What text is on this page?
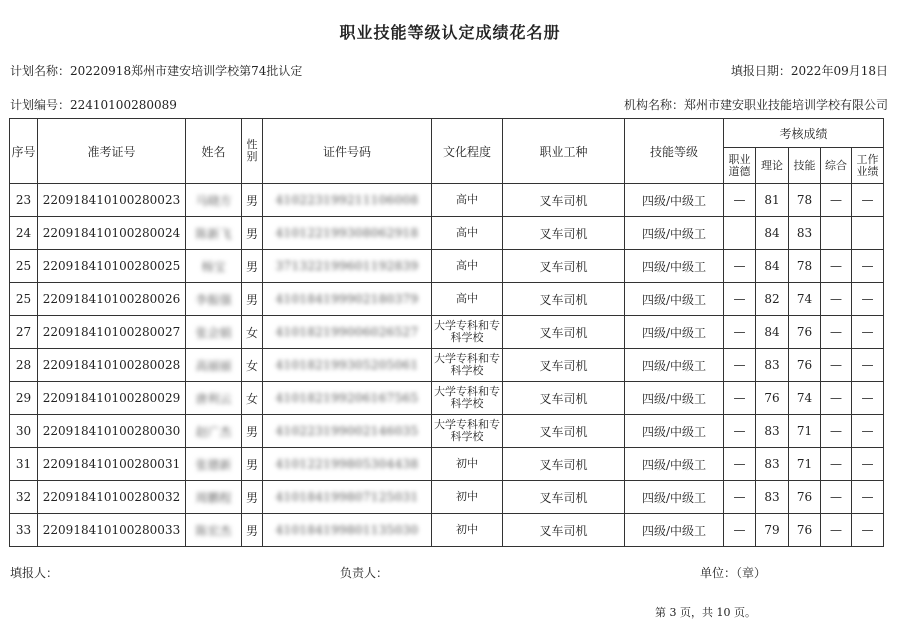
职业技能等级认定成绩花名册
计划名称：20220918郑州市建安培训学校第74批认定	填报日期：2022年09月18日
计划编号：22410100280089	机构名称：郑州市建安职业技能培训学校有限公司
序号	准考证号	姓名	性别	证件号码	文化程度	职业工种	技能等级	考核成绩				
								职业道德	理论	技能	综合	工作业绩
23	220918410100280023	马晓方	男	410223199211106008	高中	叉车司机	四级/中级工	—	81	78	—	—
24	220918410100280024	陈新飞	男	410122199308062918	高中	叉车司机	四级/中级工		84	83		
25	220918410100280025	杨宝	男	371322199601192839	高中	叉车司机	四级/中级工	—	84	78	—	—
25	220918410100280026	李振强	男	410184199902180379	高中	叉车司机	四级/中级工	—	82	74	—	—
27	220918410100280027	张会娟	女	410182199006026527	大学专科和专科学校	叉车司机	四级/中级工	—	84	76	—	—
28	220918410100280028	高丽丽	女	410182199305205061	大学专科和专科学校	叉车司机	四级/中级工	—	83	76	—	—
29	220918410100280029	唐利云	女	410182199206167565	大学专科和专科学校	叉车司机	四级/中级工	—	76	74	—	—
30	220918410100280030	赵广杰	男	410223199002146035	大学专科和专科学校	叉车司机	四级/中级工	—	83	71	—	—
31	220918410100280031	张德新	男	410122199805304438	初中	叉车司机	四级/中级工	—	83	71	—	—
32	220918410100280032	周鹏程	男	410184199807125031	初中	叉车司机	四级/中级工	—	83	76	—	—
33	220918410100280033	陈宏杰	男	410184199801135030	初中	叉车司机	四级/中级工	—	79	76	—	—
填报人：	负责人：	单位：（章）
第 3 页，共 10 页。
